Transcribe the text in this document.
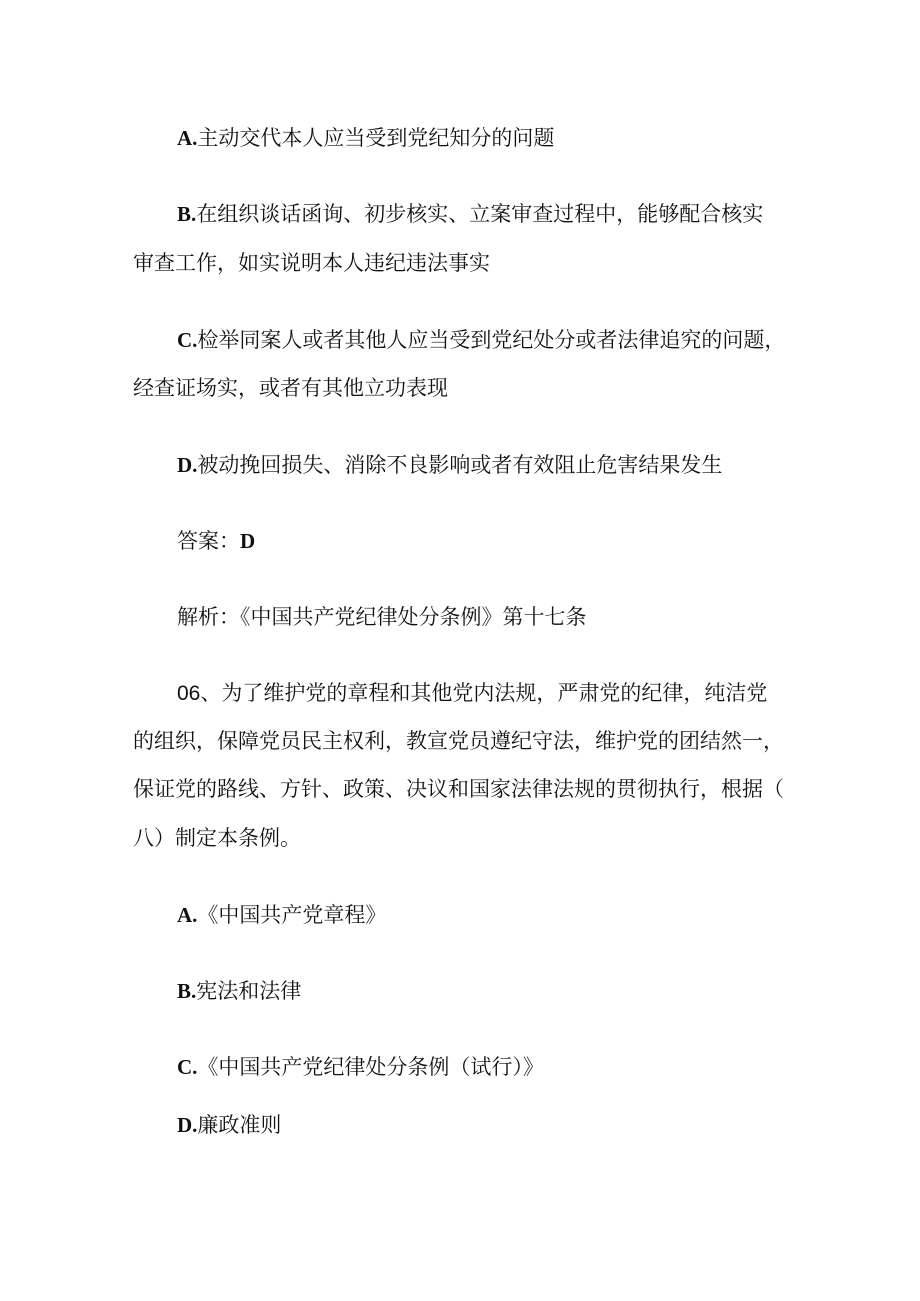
A.主动交代本人应当受到党纪知分的问题
B.在组织谈话函询、初步核实、立案审查过程中，能够配合核实
审查工作，如实说明本人违纪违法事实
C.检举同案人或者其他人应当受到党纪处分或者法律追究的问题，
经查证场实，或者有其他立功表现
D.被动挽回损失、消除不良影响或者有效阻止危害结果发生
答案：D
解析：《中国共产党纪律处分条例》第十七条
06、为了维护党的章程和其他党内法规，严肃党的纪律，纯洁党
的组织，保障党员民主权利，教宣党员遵纪守法，维护党的团结然一，
保证党的路线、方针、政策、决议和国家法律法规的贯彻执行，根据（
八）制定本条例。
A.《中国共产党章程》
B.宪法和法律
C.《中国共产党纪律处分条例（试行）》
D.廉政准则
